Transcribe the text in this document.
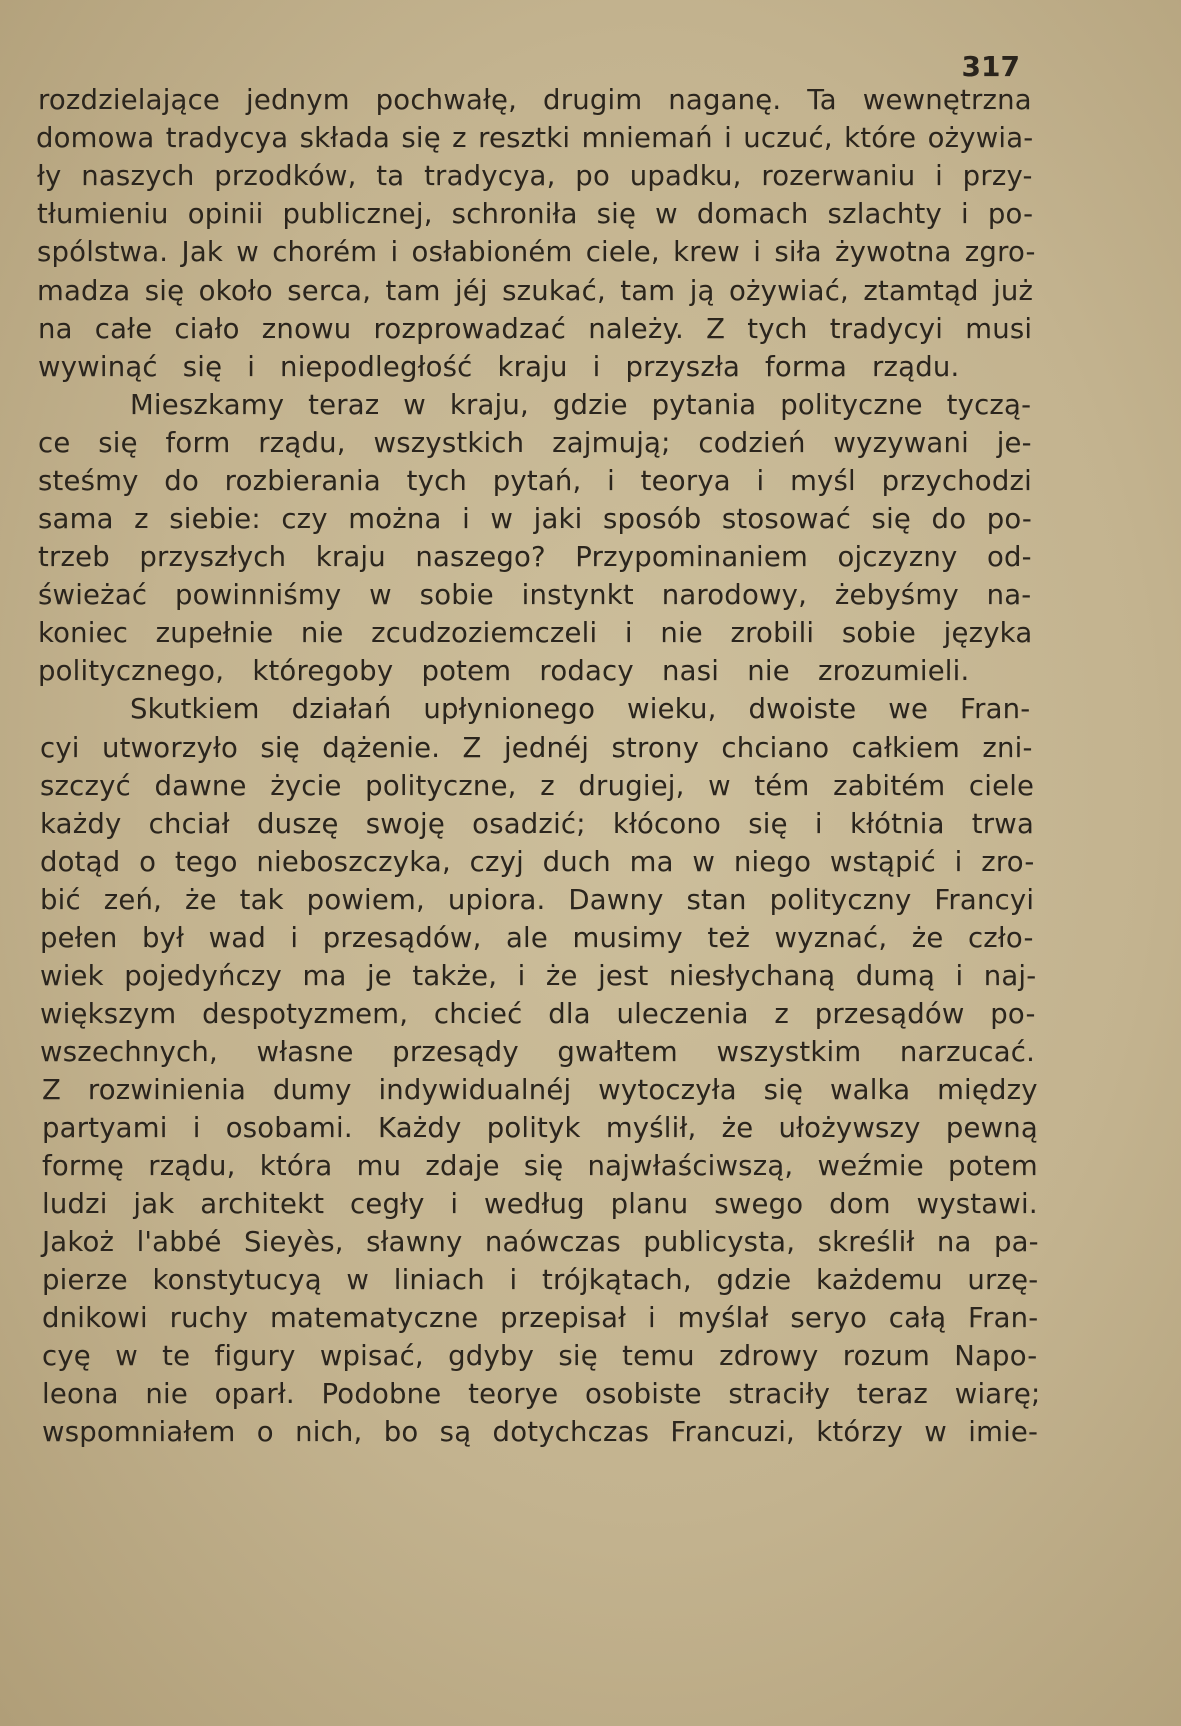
317
rozdzielające jednym pochwałę, drugim naganę. Ta wewnętrzna
domowa tradycya składa się z resztki mniemań i uczuć, które ożywia-
ły naszych przodków, ta tradycya, po upadku, rozerwaniu i przy-
tłumieniu opinii publicznej, schroniła się w domach szlachty i po-
spólstwa. Jak w chorém i osłabioném ciele, krew i siła żywotna zgro-
madza się około serca, tam jéj szukać, tam ją ożywiać, ztamtąd już
na całe ciało znowu rozprowadzać należy. Z tych tradycyi musi
wywinąć się i niepodległość kraju i przyszła forma rządu.
Mieszkamy teraz w kraju, gdzie pytania polityczne tyczą-
ce się form rządu, wszystkich zajmują; codzień wyzywani je-
steśmy do rozbierania tych pytań, i teorya i myśl przychodzi
sama z siebie: czy można i w jaki sposób stosować się do po-
trzeb przyszłych kraju naszego? Przypominaniem ojczyzny od-
świeżać powinniśmy w sobie instynkt narodowy, żebyśmy na-
koniec zupełnie nie zcudzoziemczeli i nie zrobili sobie języka
politycznego, któregoby potem rodacy nasi nie zrozumieli.
Skutkiem działań upłynionego wieku, dwoiste we Fran-
cyi utworzyło się dążenie. Z jednéj strony chciano całkiem zni-
szczyć dawne życie polityczne, z drugiej, w tém zabitém ciele
każdy chciał duszę swoję osadzić; kłócono się i kłótnia trwa
dotąd o tego nieboszczyka, czyj duch ma w niego wstąpić i zro-
bić zeń, że tak powiem, upiora. Dawny stan polityczny Francyi
pełen był wad i przesądów, ale musimy też wyznać, że czło-
wiek pojedyńczy ma je także, i że jest niesłychaną dumą i naj-
większym despotyzmem, chcieć dla uleczenia z przesądów po-
wszechnych, własne przesądy gwałtem wszystkim narzucać.
Z rozwinienia dumy indywidualnéj wytoczyła się walka między
partyami i osobami. Każdy polityk myślił, że ułożywszy pewną
formę rządu, która mu zdaje się najwłaściwszą, weźmie potem
ludzi jak architekt cegły i według planu swego dom wystawi.
Jakoż l'abbé Sieyès, sławny naówczas publicysta, skreślił na pa-
pierze konstytucyą w liniach i trójkątach, gdzie każdemu urzę-
dnikowi ruchy matematyczne przepisał i myślał seryo całą Fran-
cyę w te figury wpisać, gdyby się temu zdrowy rozum Napo-
leona nie oparł. Podobne teorye osobiste straciły teraz wiarę;
wspomniałem o nich, bo są dotychczas Francuzi, którzy w imie-
